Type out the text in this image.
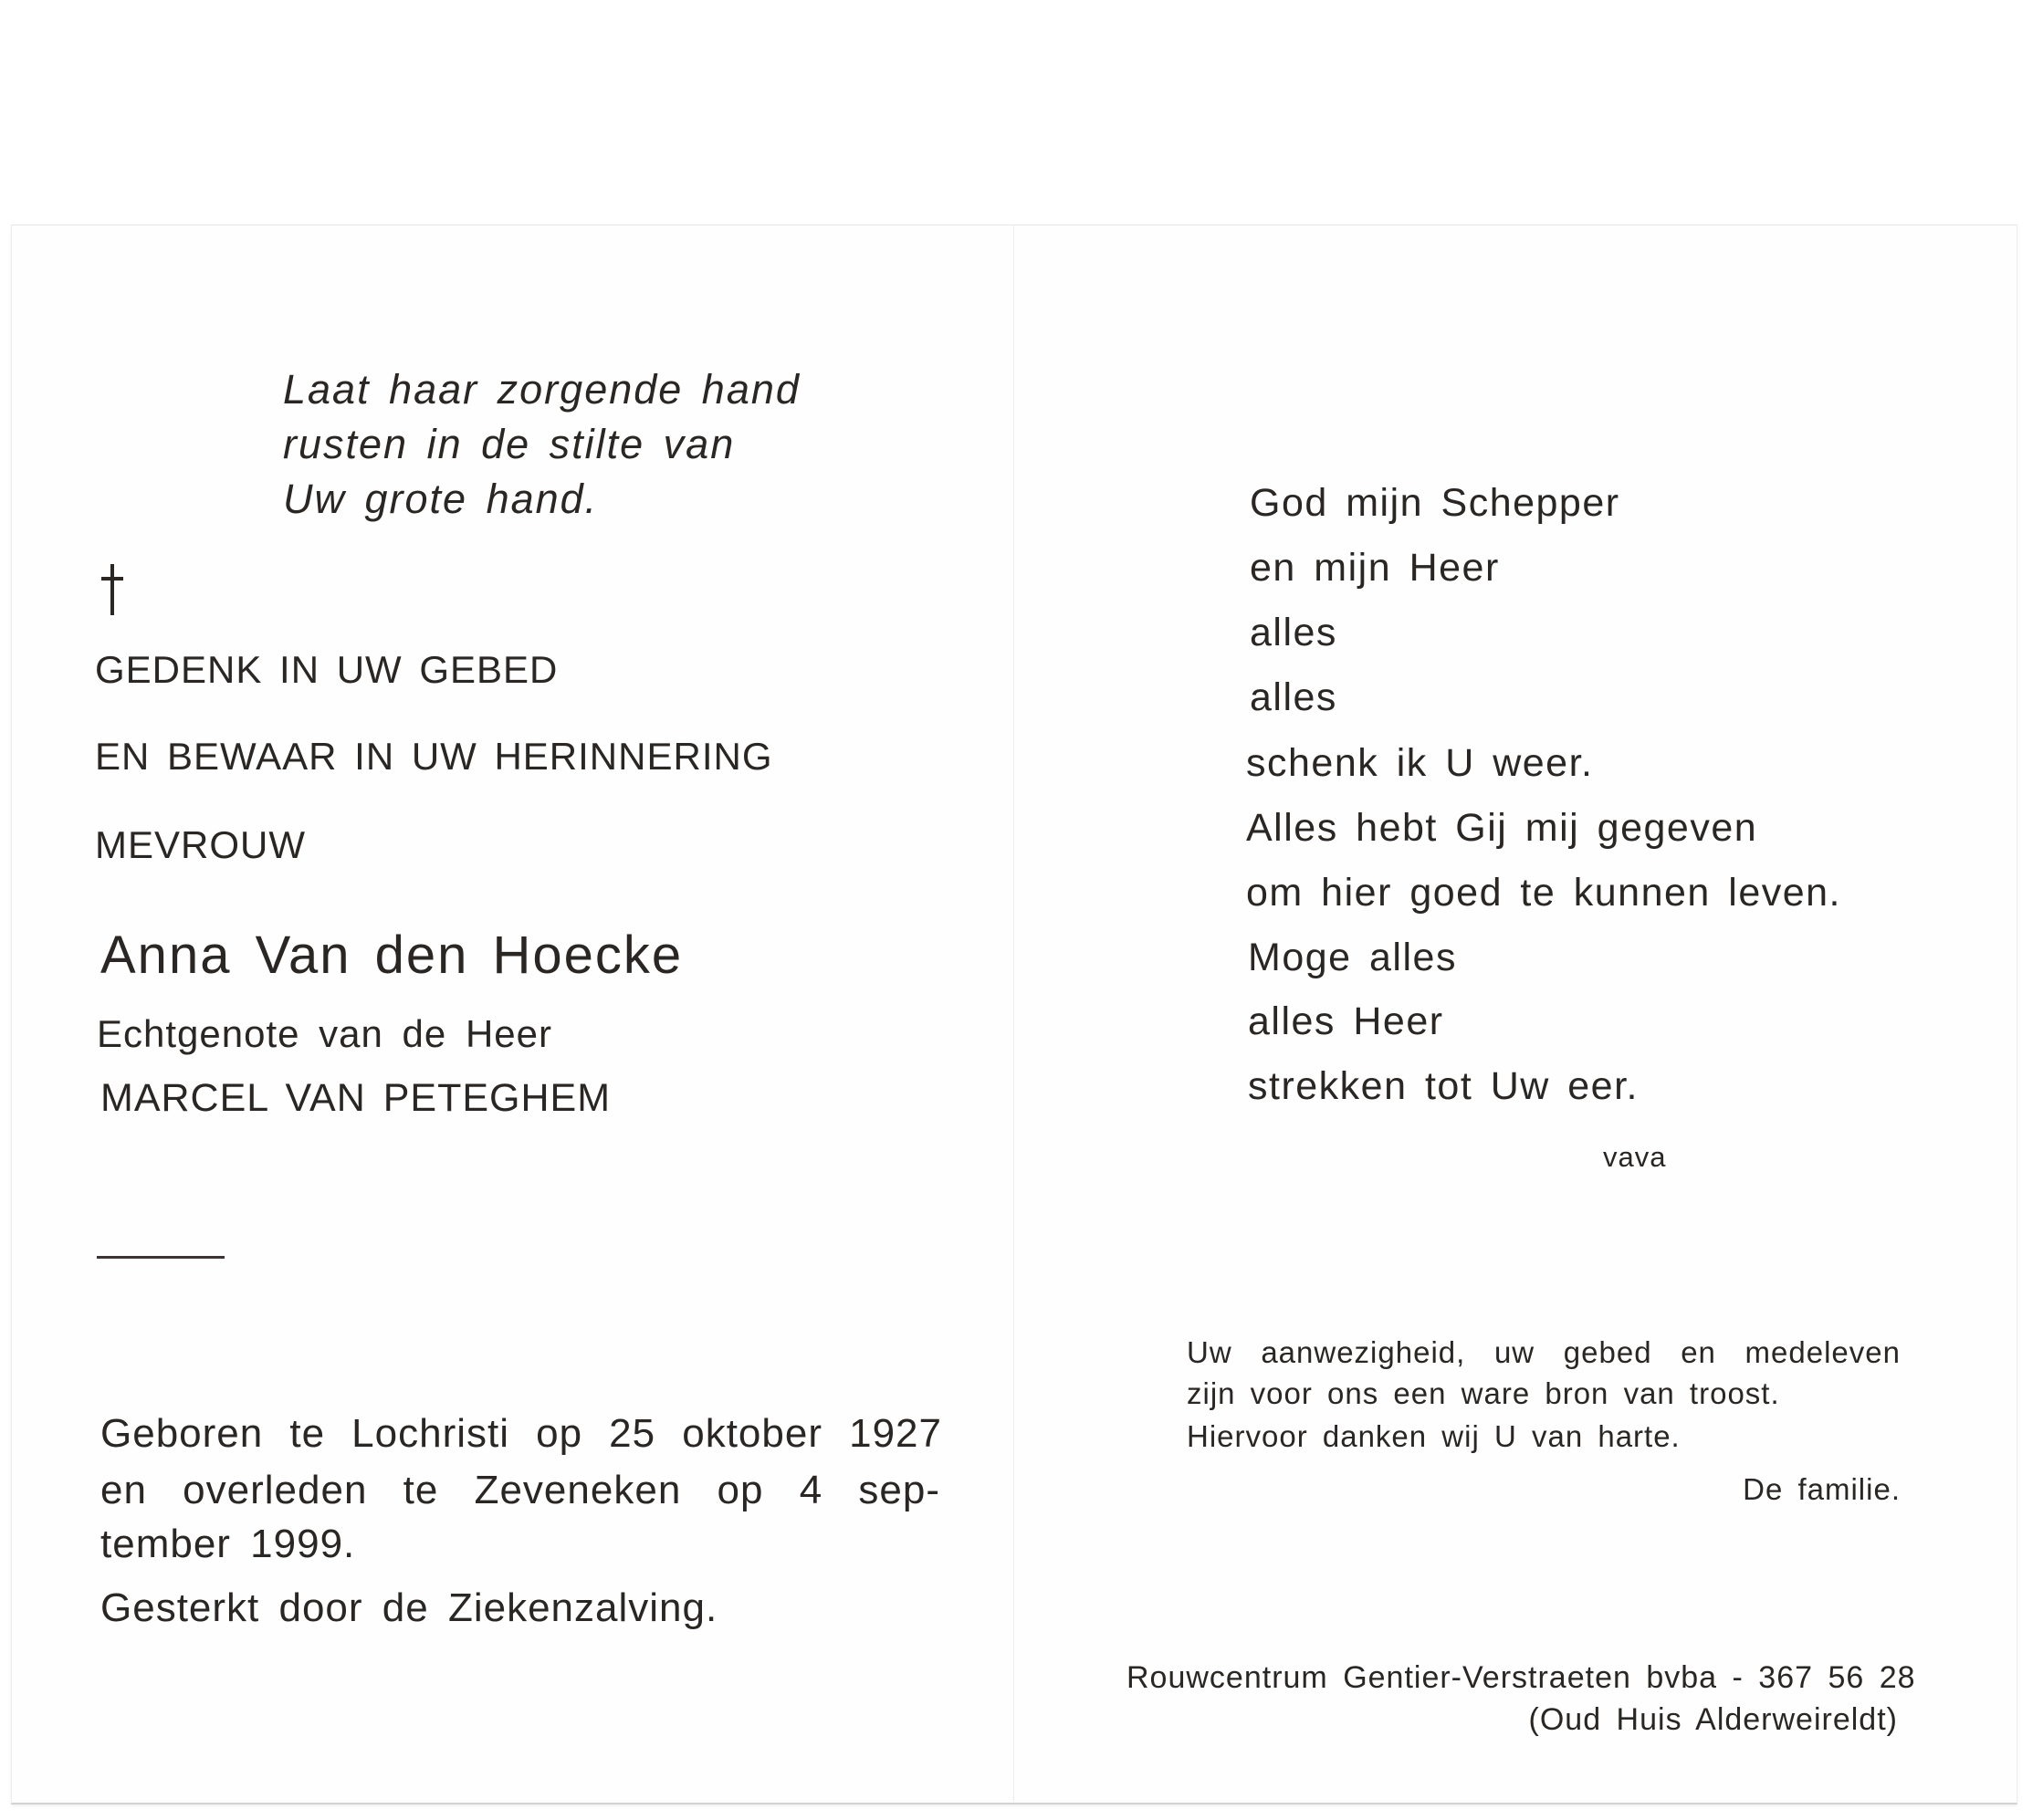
Laat haar zorgende hand

rusten in de stilte van

Uw grote hand.

GEDENK IN UW GEBED

EN BEWAAR IN UW HERINNERING

MEVROUW

Anna Van den Hoecke

Echtgenote van de Heer

MARCEL VAN PETEGHEM

Geboren te Lochristi op 25 oktober 1927

en overleden te Zeveneken op 4 sep-

tember 1999.

Gesterkt door de Ziekenzalving.

God mijn Schepper

en mijn Heer

alles

alles

schenk ik U weer.

Alles hebt Gij mij gegeven

om hier goed te kunnen leven.

Moge alles

alles Heer

strekken tot Uw eer.

vava

Uw aanwezigheid, uw gebed en medeleven

zijn voor ons een ware bron van troost.

Hiervoor danken wij U van harte.

De familie.

Rouwcentrum Gentier-Verstraeten bvba - 367 56 28

(Oud Huis Alderweireldt)
